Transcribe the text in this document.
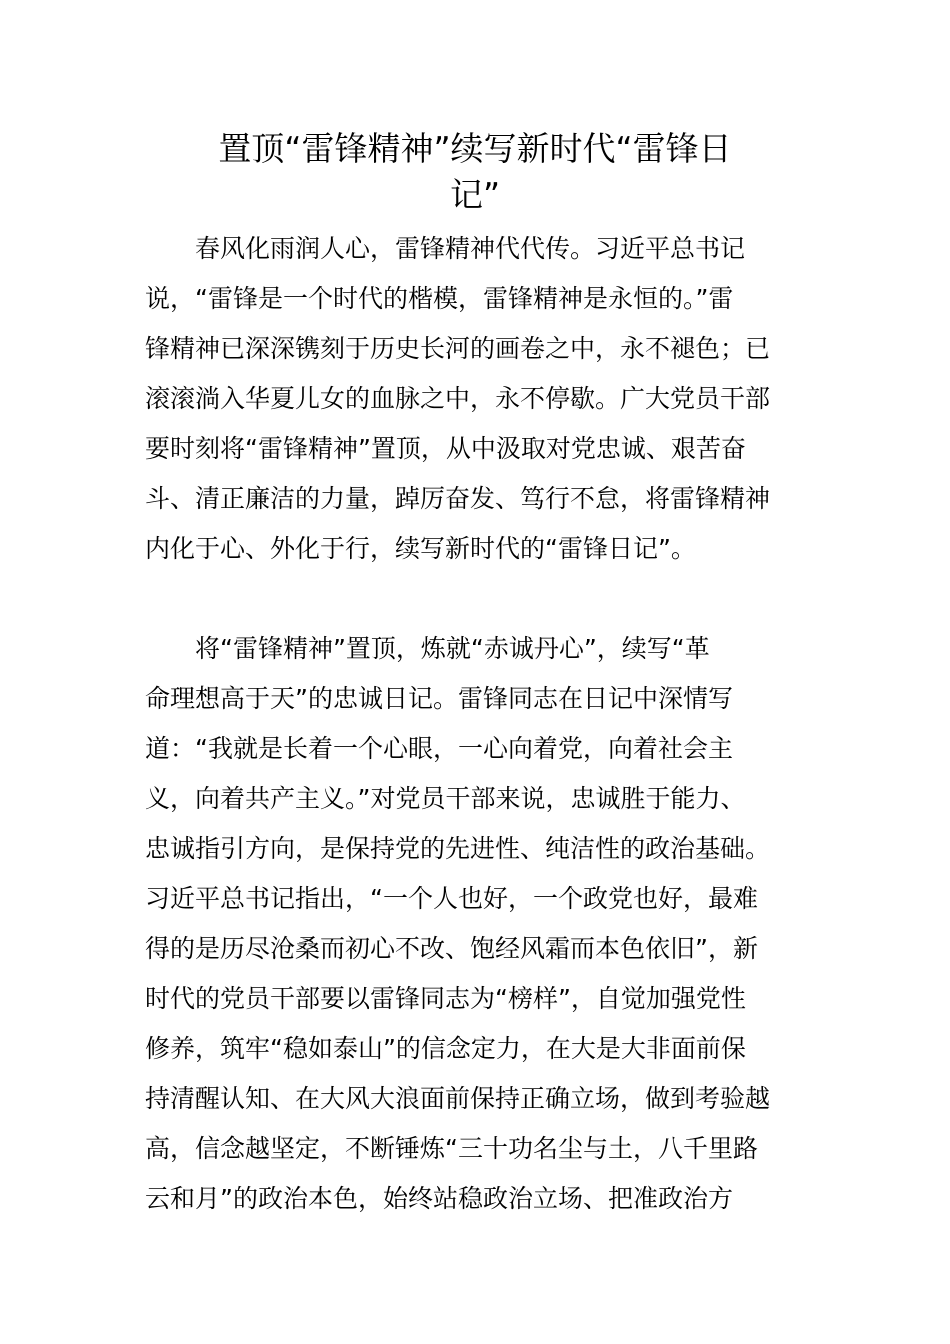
置顶“雷锋精神”续写新时代“雷锋日
记”
春风化雨润人心，雷锋精神代代传。习近平总书记
说，“雷锋是一个时代的楷模，雷锋精神是永恒的。”雷
锋精神已深深镌刻于历史长河的画卷之中，永不褪色；已
滚滚淌入华夏儿女的血脉之中，永不停歇。广大党员干部
要时刻将“雷锋精神”置顶，从中汲取对党忠诚、艰苦奋
斗、清正廉洁的力量，踔厉奋发、笃行不怠，将雷锋精神
内化于心、外化于行，续写新时代的“雷锋日记”。
将“雷锋精神”置顶，炼就“赤诚丹心”，续写“革
命理想高于天”的忠诚日记。雷锋同志在日记中深情写
道：“我就是长着一个心眼，一心向着党，向着社会主
义，向着共产主义。”对党员干部来说，忠诚胜于能力、
忠诚指引方向，是保持党的先进性、纯洁性的政治基础。
习近平总书记指出，“一个人也好，一个政党也好，最难
得的是历尽沧桑而初心不改、饱经风霜而本色依旧”，新
时代的党员干部要以雷锋同志为“榜样”，自觉加强党性
修养，筑牢“稳如泰山”的信念定力，在大是大非面前保
持清醒认知、在大风大浪面前保持正确立场，做到考验越
高，信念越坚定，不断锤炼“三十功名尘与土，八千里路
云和月”的政治本色，始终站稳政治立场、把准政治方
